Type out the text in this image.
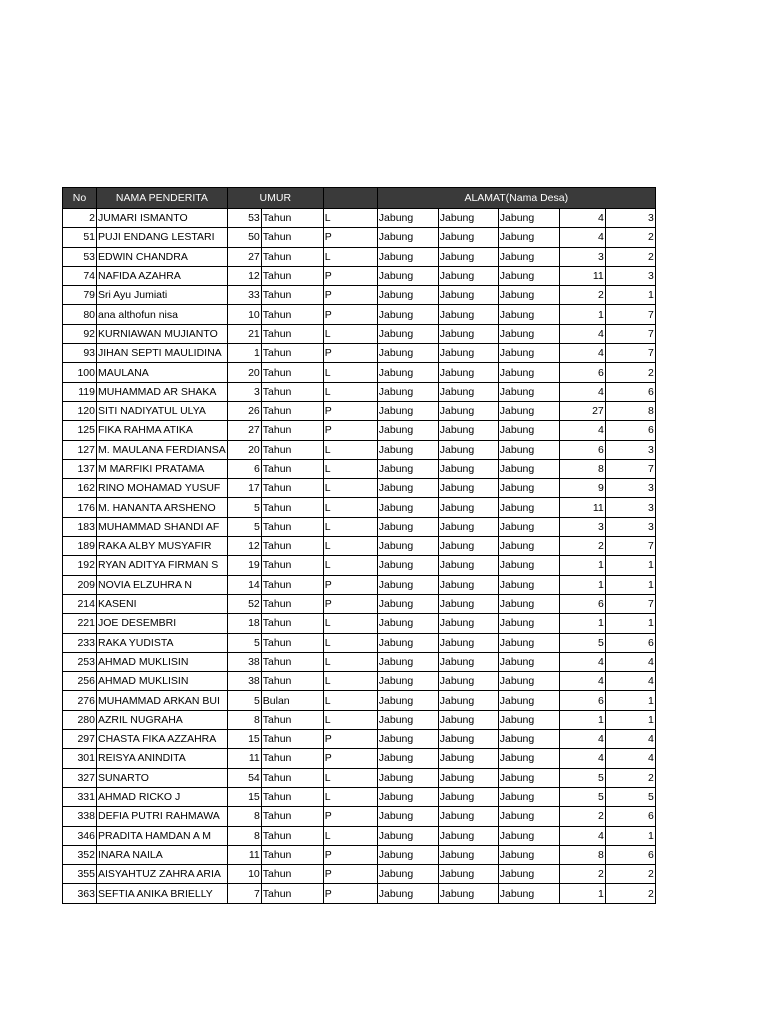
No	NAMA PENDERITA	UMUR			ALAMAT(Nama Desa)				
2	JUMARI ISMANTO	53	Tahun	L	Jabung	Jabung	Jabung	4	3
51	PUJI ENDANG LESTARI	50	Tahun	P	Jabung	Jabung	Jabung	4	2
53	EDWIN CHANDRA	27	Tahun	L	Jabung	Jabung	Jabung	3	2
74	NAFIDA AZAHRA	12	Tahun	P	Jabung	Jabung	Jabung	11	3
79	Sri Ayu Jumiati	33	Tahun	P	Jabung	Jabung	Jabung	2	1
80	ana althofun nisa	10	Tahun	P	Jabung	Jabung	Jabung	1	7
92	KURNIAWAN MUJIANTO	21	Tahun	L	Jabung	Jabung	Jabung	4	7
93	JIHAN SEPTI MAULIDINA	1	Tahun	P	Jabung	Jabung	Jabung	4	7
100	MAULANA	20	Tahun	L	Jabung	Jabung	Jabung	6	2
119	MUHAMMAD AR SHAKA	3	Tahun	L	Jabung	Jabung	Jabung	4	6
120	SITI NADIYATUL ULYA	26	Tahun	P	Jabung	Jabung	Jabung	27	8
125	FIKA RAHMA ATIKA	27	Tahun	P	Jabung	Jabung	Jabung	4	6
127	M. MAULANA FERDIANSA	20	Tahun	L	Jabung	Jabung	Jabung	6	3
137	M MARFIKI PRATAMA	6	Tahun	L	Jabung	Jabung	Jabung	8	7
162	RINO MOHAMAD YUSUF	17	Tahun	L	Jabung	Jabung	Jabung	9	3
176	M. HANANTA ARSHENO	5	Tahun	L	Jabung	Jabung	Jabung	11	3
183	MUHAMMAD SHANDI AF	5	Tahun	L	Jabung	Jabung	Jabung	3	3
189	RAKA ALBY MUSYAFIR	12	Tahun	L	Jabung	Jabung	Jabung	2	7
192	RYAN ADITYA FIRMAN S	19	Tahun	L	Jabung	Jabung	Jabung	1	1
209	NOVIA ELZUHRA N	14	Tahun	P	Jabung	Jabung	Jabung	1	1
214	KASENI	52	Tahun	P	Jabung	Jabung	Jabung	6	7
221	JOE DESEMBRI	18	Tahun	L	Jabung	Jabung	Jabung	1	1
233	RAKA YUDISTA	5	Tahun	L	Jabung	Jabung	Jabung	5	6
253	AHMAD MUKLISIN	38	Tahun	L	Jabung	Jabung	Jabung	4	4
256	AHMAD MUKLISIN	38	Tahun	L	Jabung	Jabung	Jabung	4	4
276	MUHAMMAD ARKAN BUI	5	Bulan	L	Jabung	Jabung	Jabung	6	1
280	AZRIL NUGRAHA	8	Tahun	L	Jabung	Jabung	Jabung	1	1
297	CHASTA FIKA AZZAHRA	15	Tahun	P	Jabung	Jabung	Jabung	4	4
301	REISYA ANINDITA	11	Tahun	P	Jabung	Jabung	Jabung	4	4
327	SUNARTO	54	Tahun	L	Jabung	Jabung	Jabung	5	2
331	AHMAD RICKO J	15	Tahun	L	Jabung	Jabung	Jabung	5	5
338	DEFIA PUTRI RAHMAWA	8	Tahun	P	Jabung	Jabung	Jabung	2	6
346	PRADITA HAMDAN A M	8	Tahun	L	Jabung	Jabung	Jabung	4	1
352	INARA NAILA	11	Tahun	P	Jabung	Jabung	Jabung	8	6
355	AISYAHTUZ ZAHRA ARIA	10	Tahun	P	Jabung	Jabung	Jabung	2	2
363	SEFTIA ANIKA BRIELLY	7	Tahun	P	Jabung	Jabung	Jabung	1	2
